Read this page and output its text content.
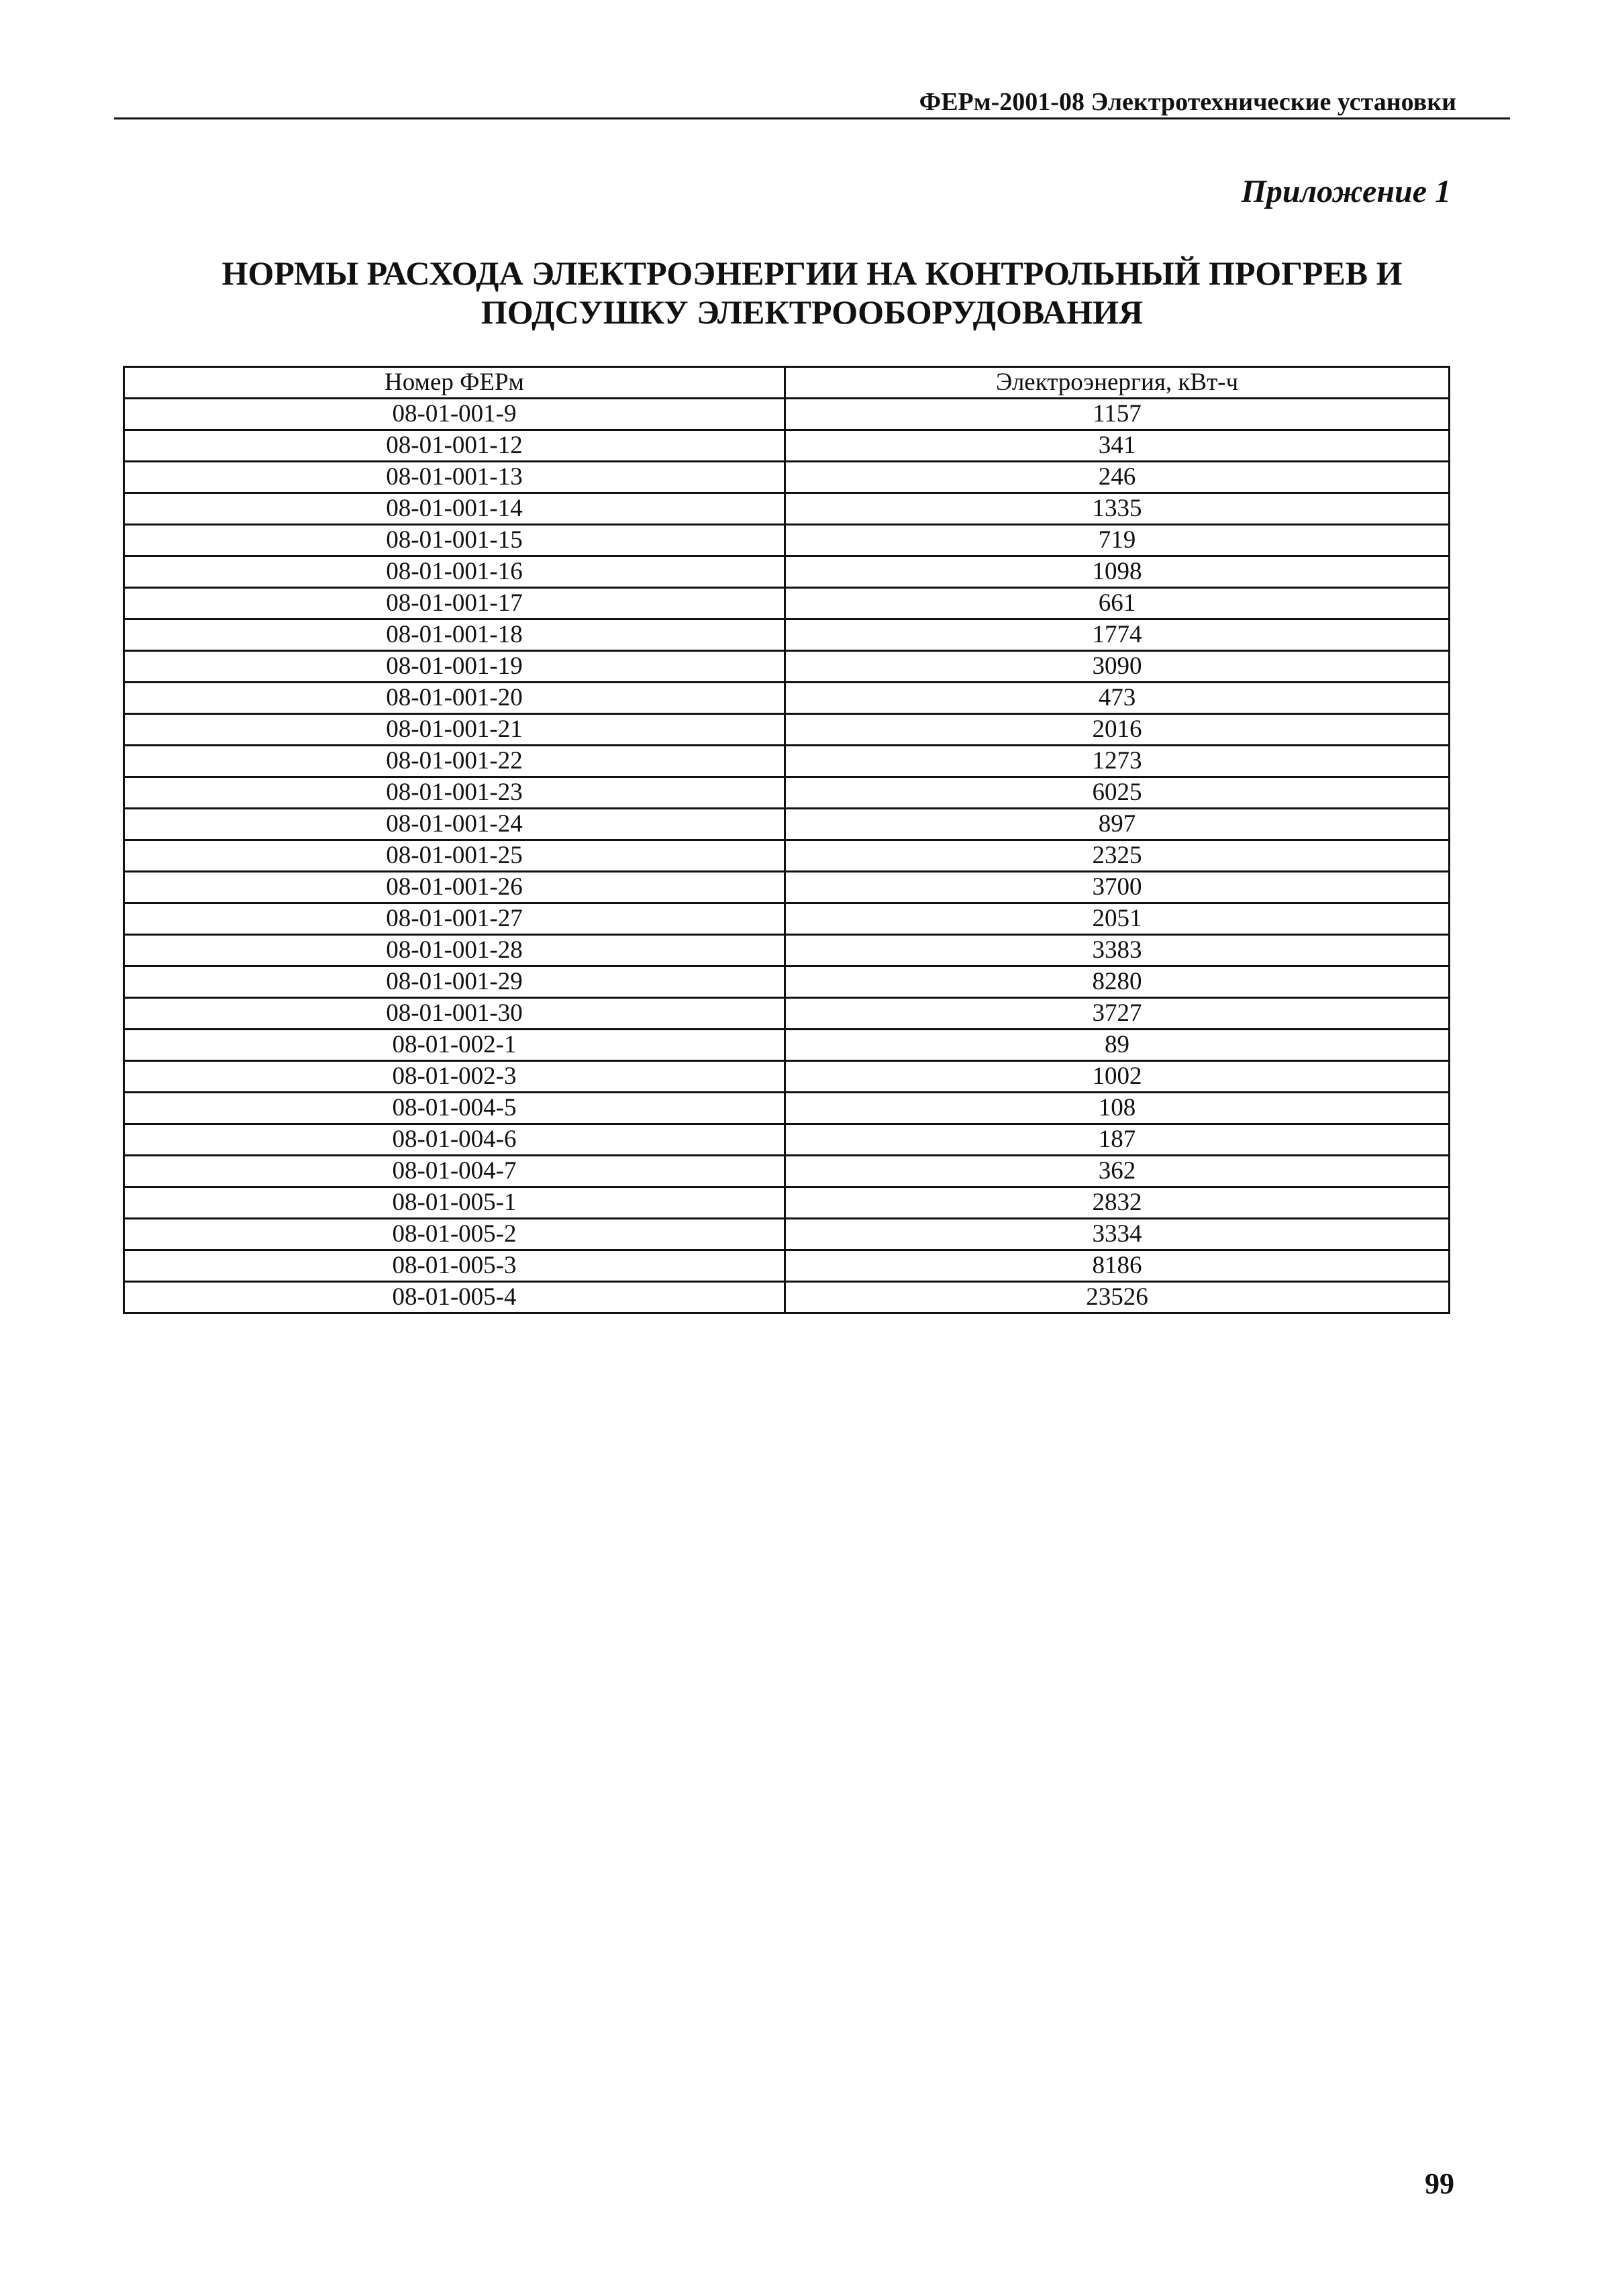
ФЕРм-2001-08 Электротехнические установки
Приложение 1
НОРМЫ РАСХОДА ЭЛЕКТРОЭНЕРГИИ НА КОНТРОЛЬНЫЙ ПРОГРЕВ И
ПОДСУШКУ ЭЛЕКТРООБОРУДОВАНИЯ
Номер ФЕРм	Электроэнергия, кВт-ч
08-01-001-9	1157
08-01-001-12	341
08-01-001-13	246
08-01-001-14	1335
08-01-001-15	719
08-01-001-16	1098
08-01-001-17	661
08-01-001-18	1774
08-01-001-19	3090
08-01-001-20	473
08-01-001-21	2016
08-01-001-22	1273
08-01-001-23	6025
08-01-001-24	897
08-01-001-25	2325
08-01-001-26	3700
08-01-001-27	2051
08-01-001-28	3383
08-01-001-29	8280
08-01-001-30	3727
08-01-002-1	89
08-01-002-3	1002
08-01-004-5	108
08-01-004-6	187
08-01-004-7	362
08-01-005-1	2832
08-01-005-2	3334
08-01-005-3	8186
08-01-005-4	23526
99
